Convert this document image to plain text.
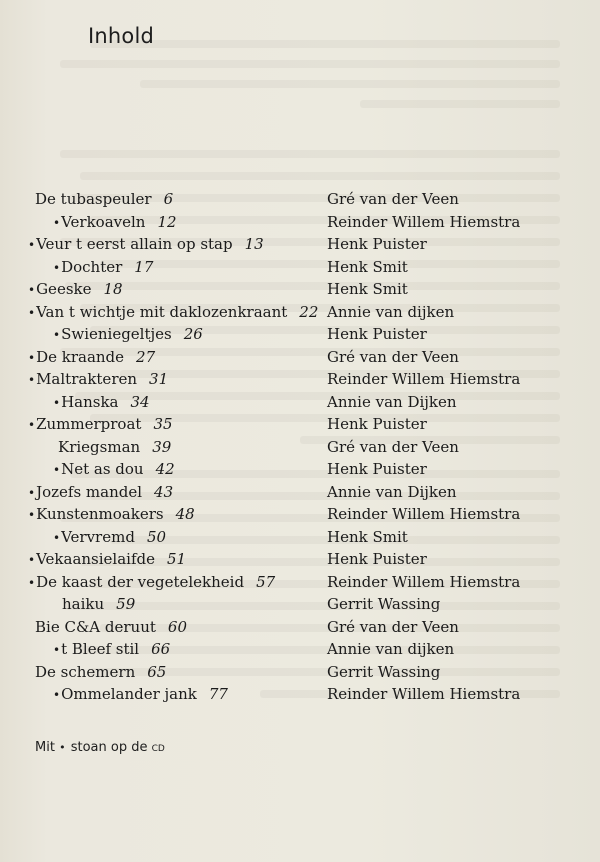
Inhold
De tubaspeuler 6	Gré van der Veen
•Verkoaveln 12	Reinder Willem Hiemstra
•Veur t eerst allain op stap 13	Henk Puister
•Dochter 17	Henk Smit
•Geeske 18	Henk Smit
•Van t wichtje mit daklozenkraant 22 Annie van dijken
•Swieniegeltjes 26	Henk Puister
•De kraande 27	Gré van der Veen
•Maltrakteren 31	Reinder Willem Hiemstra
•Hanska 34	Annie van Dijken
•Zummerproat 35	Henk Puister
Kriegsman 39	Gré van der Veen
•Net as dou 42	Henk Puister
•Jozefs mandel 43	Annie van Dijken
•Kunstenmoakers 48	Reinder Willem Hiemstra
•Vervremd 50	Henk Smit
•Vekaansielaifde 51	Henk Puister
•De kaast der vegetelekheid 57	Reinder Willem Hiemstra
haiku 59	Gerrit Wassing
Bie C&A deruut 60	Gré van der Veen
•t Bleef stil 66	Annie van dijken
De schemern 65	Gerrit Wassing
•Ommelander jank 77	Reinder Willem Hiemstra
Mit • stoan op de cd
